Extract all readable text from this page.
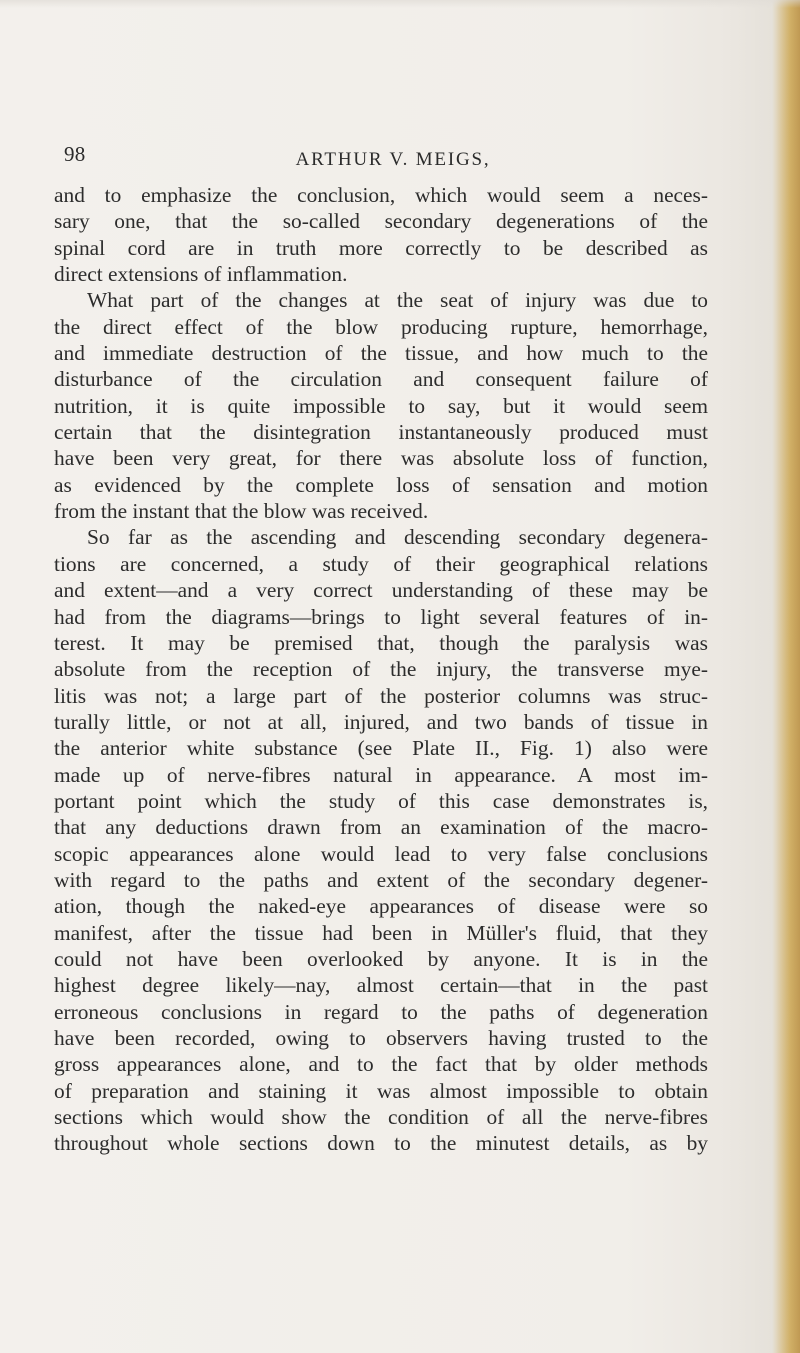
98	ARTHUR V. MEIGS,

and to emphasize the conclusion, which would seem a neces-
sary one, that the so-called secondary degenerations of the
spinal cord are in truth more correctly to be described as
direct extensions of inflammation.

What part of the changes at the seat of injury was due to
the direct effect of the blow producing rupture, hemorrhage,
and immediate destruction of the tissue, and how much to the
disturbance of the circulation and consequent failure of
nutrition, it is quite impossible to say, but it would seem
certain that the disintegration instantaneously produced must
have been very great, for there was absolute loss of function,
as evidenced by the complete loss of sensation and motion
from the instant that the blow was received.

So far as the ascending and descending secondary degenera-
tions are concerned, a study of their geographical relations
and extent—and a very correct understanding of these may be
had from the diagrams—brings to light several features of in-
terest. It may be premised that, though the paralysis was
absolute from the reception of the injury, the transverse mye-
litis was not; a large part of the posterior columns was struc-
turally little, or not at all, injured, and two bands of tissue in
the anterior white substance (see Plate II., Fig. 1) also were
made up of nerve-fibres natural in appearance. A most im-
portant point which the study of this case demonstrates is,
that any deductions drawn from an examination of the macro-
scopic appearances alone would lead to very false conclusions
with regard to the paths and extent of the secondary degener-
ation, though the naked-eye appearances of disease were so
manifest, after the tissue had been in Müller's fluid, that they
could not have been overlooked by anyone. It is in the
highest degree likely—nay, almost certain—that in the past
erroneous conclusions in regard to the paths of degeneration
have been recorded, owing to observers having trusted to the
gross appearances alone, and to the fact that by older methods
of preparation and staining it was almost impossible to obtain
sections which would show the condition of all the nerve-fibres
throughout whole sections down to the minutest details, as by
